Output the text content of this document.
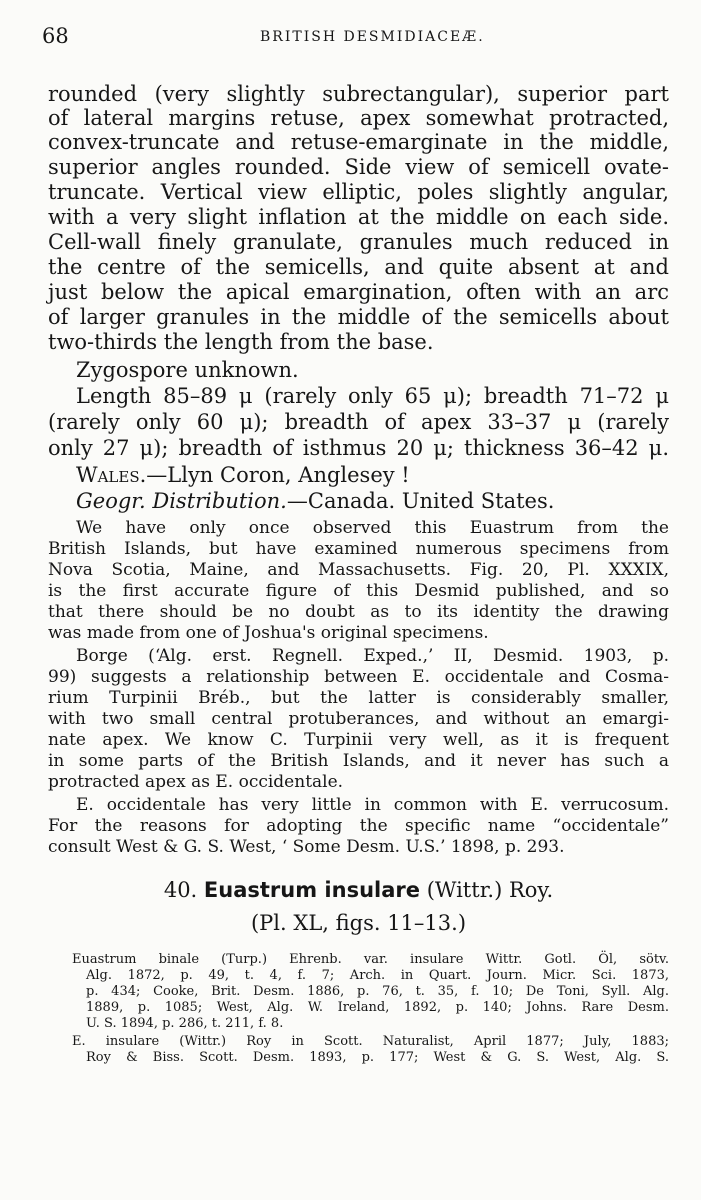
68	BRITISH DESMIDIACEÆ.
rounded (very slightly subrectangular), superior part
of lateral margins retuse, apex somewhat protracted,
convex-truncate and retuse-emarginate in the middle,
superior angles rounded. Side view of semicell ovate-
truncate. Vertical view elliptic, poles slightly angular,
with a very slight inflation at the middle on each side.
Cell-wall finely granulate, granules much reduced in
the centre of the semicells, and quite absent at and
just below the apical emargination, often with an arc
of larger granules in the middle of the semicells about
two-thirds the length from the base.
Zygospore unknown.
Length 85–89 μ (rarely only 65 μ); breadth 71–72 μ
(rarely only 60 μ); breadth of apex 33–37 μ (rarely
only 27 μ); breadth of isthmus 20 μ; thickness 36–42 μ.
Wales.—Llyn Coron, Anglesey !
Geogr. Distribution.—Canada. United States.
We have only once observed this Euastrum from the
British Islands, but have examined numerous specimens from
Nova Scotia, Maine, and Massachusetts. Fig. 20, Pl. XXXIX,
is the first accurate figure of this Desmid published, and so
that there should be no doubt as to its identity the drawing
was made from one of Joshua's original specimens.
Borge (‘Alg. erst. Regnell. Exped.,’ II, Desmid. 1903, p.
99) suggests a relationship between E. occidentale and Cosma-
rium Turpinii Bréb., but the latter is considerably smaller,
with two small central protuberances, and without an emargi-
nate apex. We know C. Turpinii very well, as it is frequent
in some parts of the British Islands, and it never has such a
protracted apex as E. occidentale.
E. occidentale has very little in common with E. verrucosum.
For the reasons for adopting the specific name “occidentale”
consult West & G. S. West, ‘ Some Desm. U.S.’ 1898, p. 293.
40. Euastrum insulare (Wittr.) Roy.
(Pl. XL, figs. 11–13.)
Euastrum binale (Turp.) Ehrenb. var. insulare Wittr. Gotl. Öl, sötv.
Alg. 1872, p. 49, t. 4, f. 7; Arch. in Quart. Journ. Micr. Sci. 1873,
p. 434; Cooke, Brit. Desm. 1886, p. 76, t. 35, f. 10; De Toni, Syll. Alg.
1889, p. 1085; West, Alg. W. Ireland, 1892, p. 140; Johns. Rare Desm.
U. S. 1894, p. 286, t. 211, f. 8.
E. insulare (Wittr.) Roy in Scott. Naturalist, April 1877; July, 1883;
Roy & Biss. Scott. Desm. 1893, p. 177; West & G. S. West, Alg. S.
